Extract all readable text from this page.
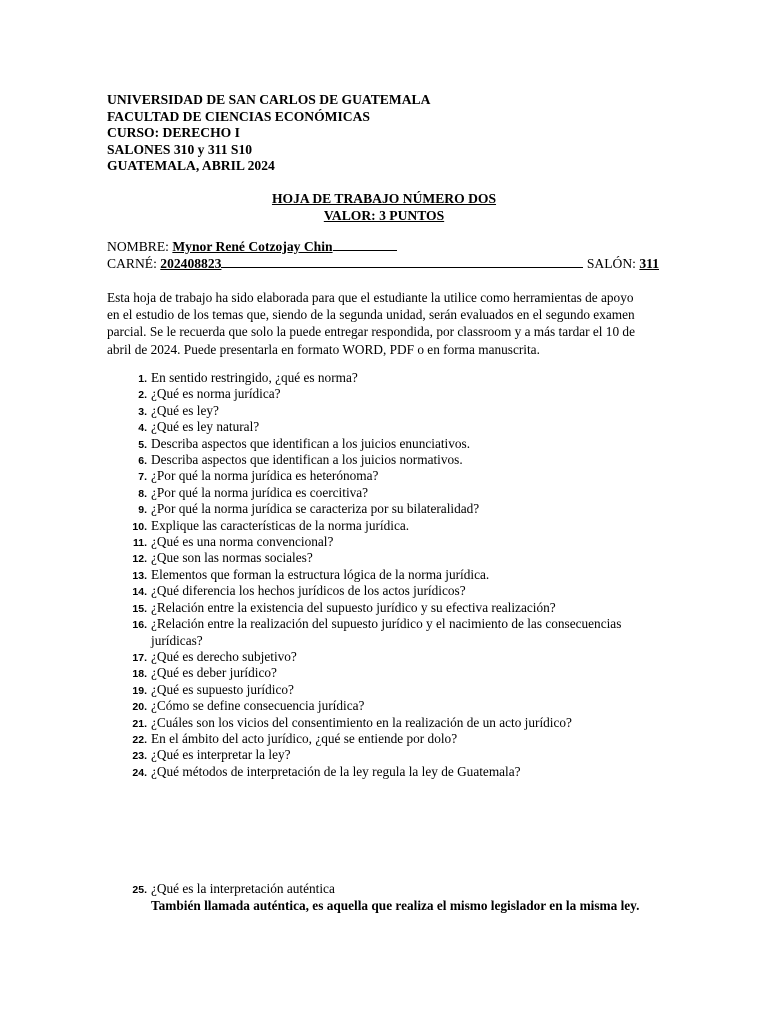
UNIVERSIDAD DE SAN CARLOS DE GUATEMALA
FACULTAD DE CIENCIAS ECONÓMICAS
CURSO: DERECHO I
SALONES 310 y 311 S10
GUATEMALA, ABRIL 2024
HOJA DE TRABAJO NÚMERO DOS
VALOR: 3 PUNTOS
NOMBRE: Mynor René Cotzojay Chin
CARNÉ: 202408823	SALÓN: 311
Esta hoja de trabajo ha sido elaborada para que el estudiante la utilice como herramientas de apoyo
en el estudio de los temas que, siendo de la segunda unidad, serán evaluados en el segundo examen
parcial. Se le recuerda que solo la puede entregar respondida, por classroom y a más tardar el 10 de
abril de 2024. Puede presentarla en formato WORD, PDF o en forma manuscrita.
1. En sentido restringido, ¿qué es norma?
2. ¿Qué es norma jurídica?
3. ¿Qué es ley?
4. ¿Qué es ley natural?
5. Describa aspectos que identifican a los juicios enunciativos.
6. Describa aspectos que identifican a los juicios normativos.
7. ¿Por qué la norma jurídica es heterónoma?
8. ¿Por qué la norma jurídica es coercitiva?
9. ¿Por qué la norma jurídica se caracteriza por su bilateralidad?
10. Explique las características de la norma jurídica.
11. ¿Qué es una norma convencional?
12. ¿Que son las normas sociales?
13. Elementos que forman la estructura lógica de la norma jurídica.
14. ¿Qué diferencia los hechos jurídicos de los actos jurídicos?
15. ¿Relación entre la existencia del supuesto jurídico y su efectiva realización?
16. ¿Relación entre la realización del supuesto jurídico y el nacimiento de las consecuencias
jurídicas?
17. ¿Qué es derecho subjetivo?
18. ¿Qué es deber jurídico?
19. ¿Qué es supuesto jurídico?
20. ¿Cómo se define consecuencia jurídica?
21. ¿Cuáles son los vicios del consentimiento en la realización de un acto jurídico?
22. En el ámbito del acto jurídico, ¿qué se entiende por dolo?
23. ¿Qué es interpretar la ley?
24. ¿Qué métodos de interpretación de la ley regula la ley de Guatemala?
25. ¿Qué es la interpretación auténtica
También llamada auténtica, es aquella que realiza el mismo legislador en la misma ley.
